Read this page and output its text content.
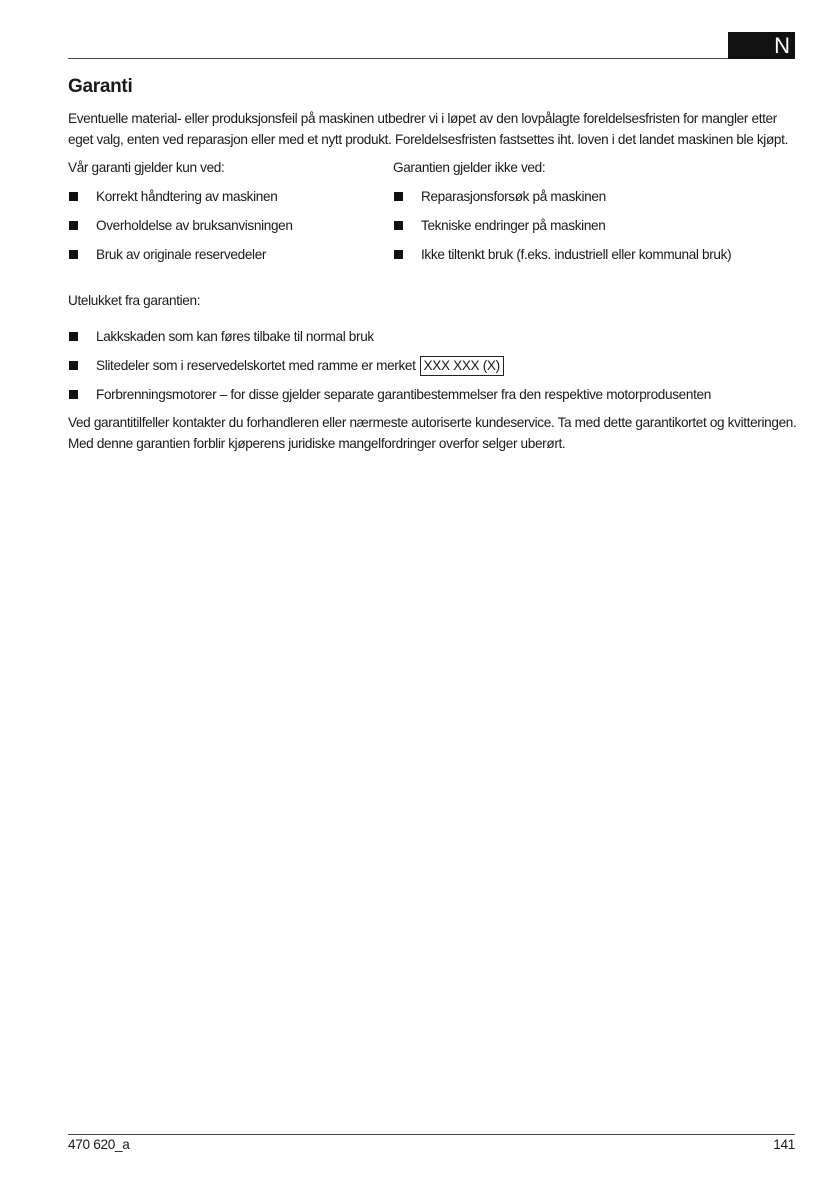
N
Garanti

Eventuelle material- eller produksjonsfeil på maskinen utbedrer vi i løpet av den lovpålagte foreldelsesfristen for mangler etter eget valg, enten ved reparasjon eller med et nytt produkt. Foreldelsesfristen fastsettes iht. loven i det landet maskinen ble kjøpt.

Vår garanti gjelder kun ved:

Korrekt håndtering av maskinen
Overholdelse av bruksanvisningen
Bruk av originale reservedeler

Garantien gjelder ikke ved:

Reparasjonsforsøk på maskinen
Tekniske endringer på maskinen
Ikke tiltenkt bruk (f.eks. industriell eller kommunal bruk)

Utelukket fra garantien:

Lakkskaden som kan føres tilbake til normal bruk
Slitedeler som i reservedelskortet med ramme er merket XXX XXX (X)
Forbrenningsmotorer – for disse gjelder separate garantibestemmelser fra den respektive motorprodusenten

Ved garantitilfeller kontakter du forhandleren eller nærmeste autoriserte kundeservice. Ta med dette garantikortet og kvitteringen. Med denne garantien forblir kjøperens juridiske mangelfordringer overfor selger uberørt.

470 620_a	141
